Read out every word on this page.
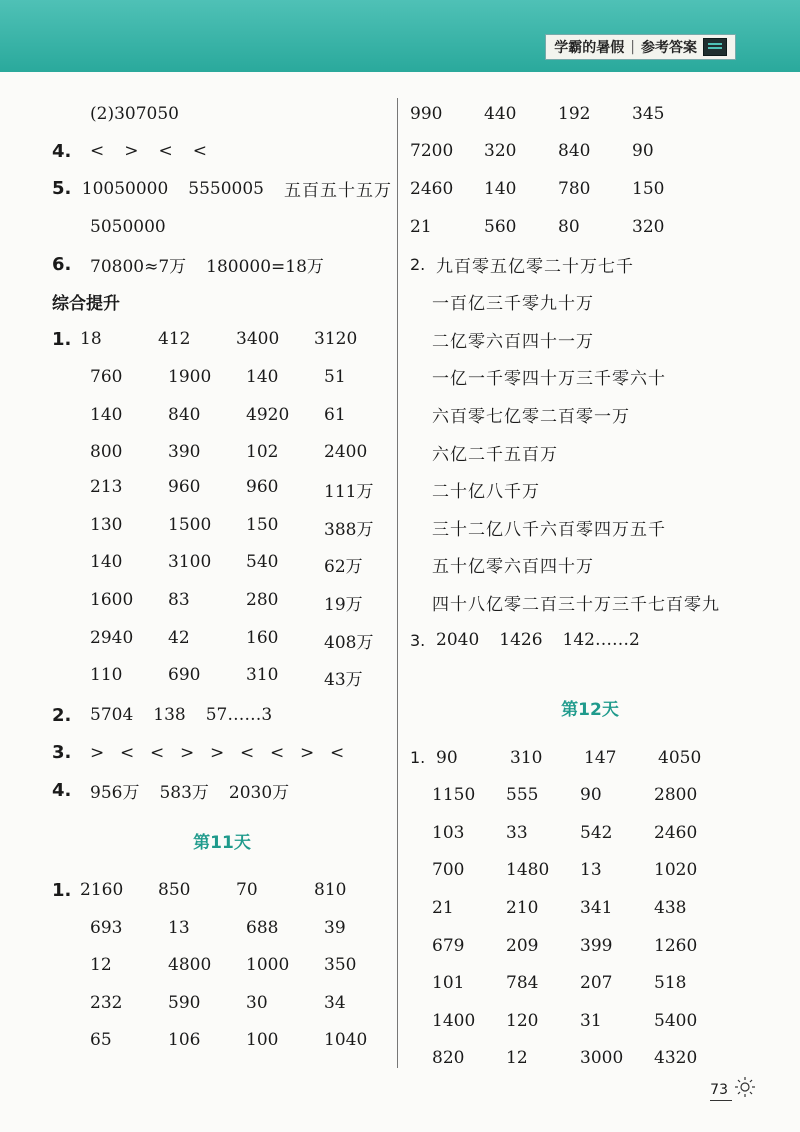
学霸的暑假 | 参考答案
(2)307050
4.	< > < <
5. 10050000 5550005 五百五十五万
5050000
6.	70800≈7万 180000=18万
综合提升
1. 18	412	3400	3120
760	1900	140	51
140	840	4920	61
800	390	102	2400
213	960	960	111万
130	1500	150	388万
140	3100	540	62万
1600	83	280	19万
2940	42	160	408万
110	690	310	43万
2.	5704 138 57……3
3.	> < < > > < < > <
4.	956万 583万 2030万
第11天
1. 2160	850	70	810
693	13	688	39
12	4800	1000	350
232	590	30	34
65	106	100	1040
990	440	192	345
7200	320	840	90
2460	140	780	150
21	560	80	320
2. 九百零五亿零二十万七千
一百亿三千零九十万
二亿零六百四十一万
一亿一千零四十万三千零六十
六百零七亿零二百零一万
六亿二千五百万
二十亿八千万
三十二亿八千六百零四万五千
五十亿零六百四十万
四十八亿零二百三十万三千七百零九
3. 2040 1426 142……2
第12天
1. 90	310	147	4050
1150	555	90	2800
103	33	542	2460
700	1480	13	1020
21	210	341	438
679	209	399	1260
101	784	207	518
1400	120	31	5400
820	12	3000	4320
73
